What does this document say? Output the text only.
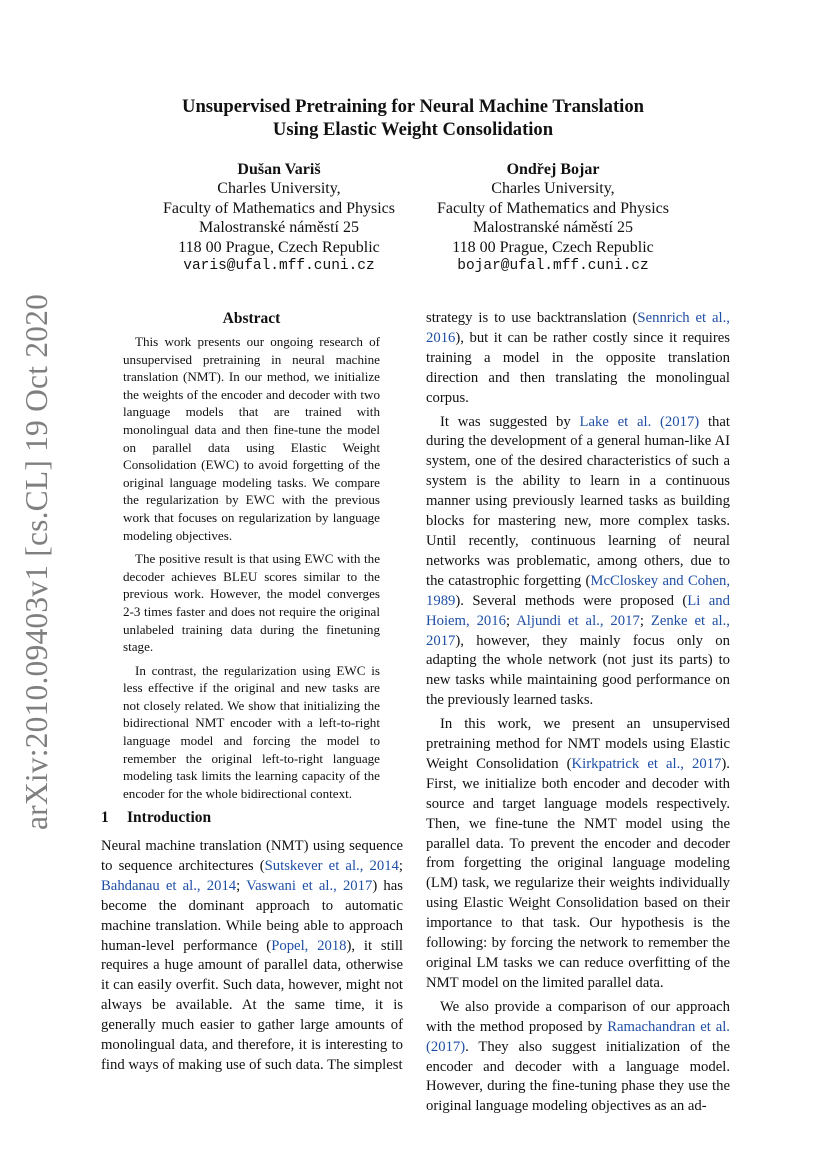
arXiv:2010.09403v1 [cs.CL] 19 Oct 2020
Unsupervised Pretraining for Neural Machine Translation
Using Elastic Weight Consolidation
Dušan Variš
Charles University,
Faculty of Mathematics and Physics
Malostranské náměstí 25
118 00 Prague, Czech Republic
varis@ufal.mff.cuni.cz
Ondřej Bojar
Charles University,
Faculty of Mathematics and Physics
Malostranské náměstí 25
118 00 Prague, Czech Republic
bojar@ufal.mff.cuni.cz
Abstract

This work presents our ongoing research of unsupervised pretraining in neural machine translation (NMT). In our method, we initialize the weights of the encoder and decoder with two language models that are trained with monolingual data and then fine-tune the model on parallel data using Elastic Weight Consolidation (EWC) to avoid forgetting of the original language modeling tasks. We compare the regularization by EWC with the previous work that focuses on regularization by language modeling objectives.

The positive result is that using EWC with the decoder achieves BLEU scores similar to the previous work. However, the model converges 2-3 times faster and does not require the original unlabeled training data during the finetuning stage.

In contrast, the regularization using EWC is less effective if the original and new tasks are not closely related. We show that initializing the bidirectional NMT encoder with a left-to-right language model and forcing the model to remember the original left-to-right language modeling task limits the learning capacity of the encoder for the whole bidirectional context.

1 Introduction

Neural machine translation (NMT) using sequence to sequence architectures (Sutskever et al., 2014; Bahdanau et al., 2014; Vaswani et al., 2017) has become the dominant approach to automatic machine translation. While being able to approach human-level performance (Popel, 2018), it still requires a huge amount of parallel data, otherwise it can easily overfit. Such data, however, might not always be available. At the same time, it is generally much easier to gather large amounts of monolingual data, and therefore, it is interesting to find ways of making use of such data. The simplest

strategy is to use backtranslation (Sennrich et al., 2016), but it can be rather costly since it requires training a model in the opposite translation direction and then translating the monolingual corpus.

It was suggested by Lake et al. (2017) that during the development of a general human-like AI system, one of the desired characteristics of such a system is the ability to learn in a continuous manner using previously learned tasks as building blocks for mastering new, more complex tasks. Until recently, continuous learning of neural networks was problematic, among others, due to the catastrophic forgetting (McCloskey and Cohen, 1989). Several methods were proposed (Li and Hoiem, 2016; Aljundi et al., 2017; Zenke et al., 2017), however, they mainly focus only on adapting the whole network (not just its parts) to new tasks while maintaining good performance on the previously learned tasks.

In this work, we present an unsupervised pretraining method for NMT models using Elastic Weight Consolidation (Kirkpatrick et al., 2017). First, we initialize both encoder and decoder with source and target language models respectively. Then, we fine-tune the NMT model using the parallel data. To prevent the encoder and decoder from forgetting the original language modeling (LM) task, we regularize their weights individually using Elastic Weight Consolidation based on their importance to that task. Our hypothesis is the following: by forcing the network to remember the original LM tasks we can reduce overfitting of the NMT model on the limited parallel data.

We also provide a comparison of our approach with the method proposed by Ramachandran et al. (2017). They also suggest initialization of the encoder and decoder with a language model. However, during the fine-tuning phase they use the original language modeling objectives as an ad-
